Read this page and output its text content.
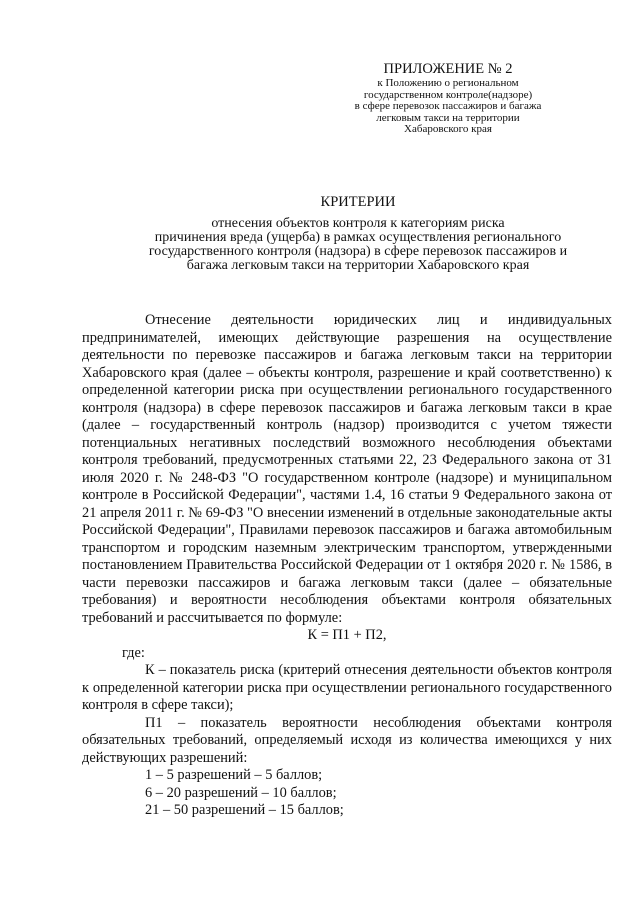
ПРИЛОЖЕНИЕ № 2
к Положению о региональном
государственном контроле(надзоре)
в сфере перевозок пассажиров и багажа
легковым такси на территории
Хабаровского края
КРИТЕРИИ
отнесения объектов контроля к категориям риска
причинения вреда (ущерба) в рамках осуществления регионального
государственного контроля (надзора) в сфере перевозок пассажиров и
багажа легковым такси на территории Хабаровского края

Отнесение деятельности юридических лиц и индивидуальных предпринимателей, имеющих действующие разрешения на осуществление деятельности по перевозке пассажиров и багажа легковым такси на территории Хабаровского края (далее – объекты контроля, разрешение и край соответственно) к определенной категории риска при осуществлении регионального государственного контроля (надзора) в сфере перевозок пассажиров и багажа легковым такси в крае (далее – государственный контроль (надзор) производится с учетом тяжести потенциальных негативных последствий возможного несоблюдения объектами контроля требований, предусмотренных статьями 22, 23 Федерального закона от 31 июля 2020 г. № 248-ФЗ "О государственном контроле (надзоре) и муниципальном контроле в Российской Федерации", частями 1.4, 16 статьи 9 Федерального закона от 21 апреля 2011 г. № 69-ФЗ "О внесении изменений в отдельные законодательные акты Российской Федерации", Правилами перевозок пассажиров и багажа автомобильным транспортом и городским наземным электрическим транспортом, утвержденными постановлением Правительства Российской Федерации от 1 октября 2020 г. № 1586, в части перевозки пассажиров и багажа легковым такси (далее – обязательные требования) и вероятности несоблюдения объектами контроля обязательных требований и рассчитывается по формуле:

К = П1 + П2,

где:

К – показатель риска (критерий отнесения деятельности объектов контроля к определенной категории риска при осуществлении регионального государственного контроля в сфере такси);

П1 – показатель вероятности несоблюдения объектами контроля обязательных требований, определяемый исходя из количества имеющихся у них действующих разрешений:

1 – 5 разрешений – 5 баллов;

6 – 20 разрешений – 10 баллов;

21 – 50 разрешений – 15 баллов;
